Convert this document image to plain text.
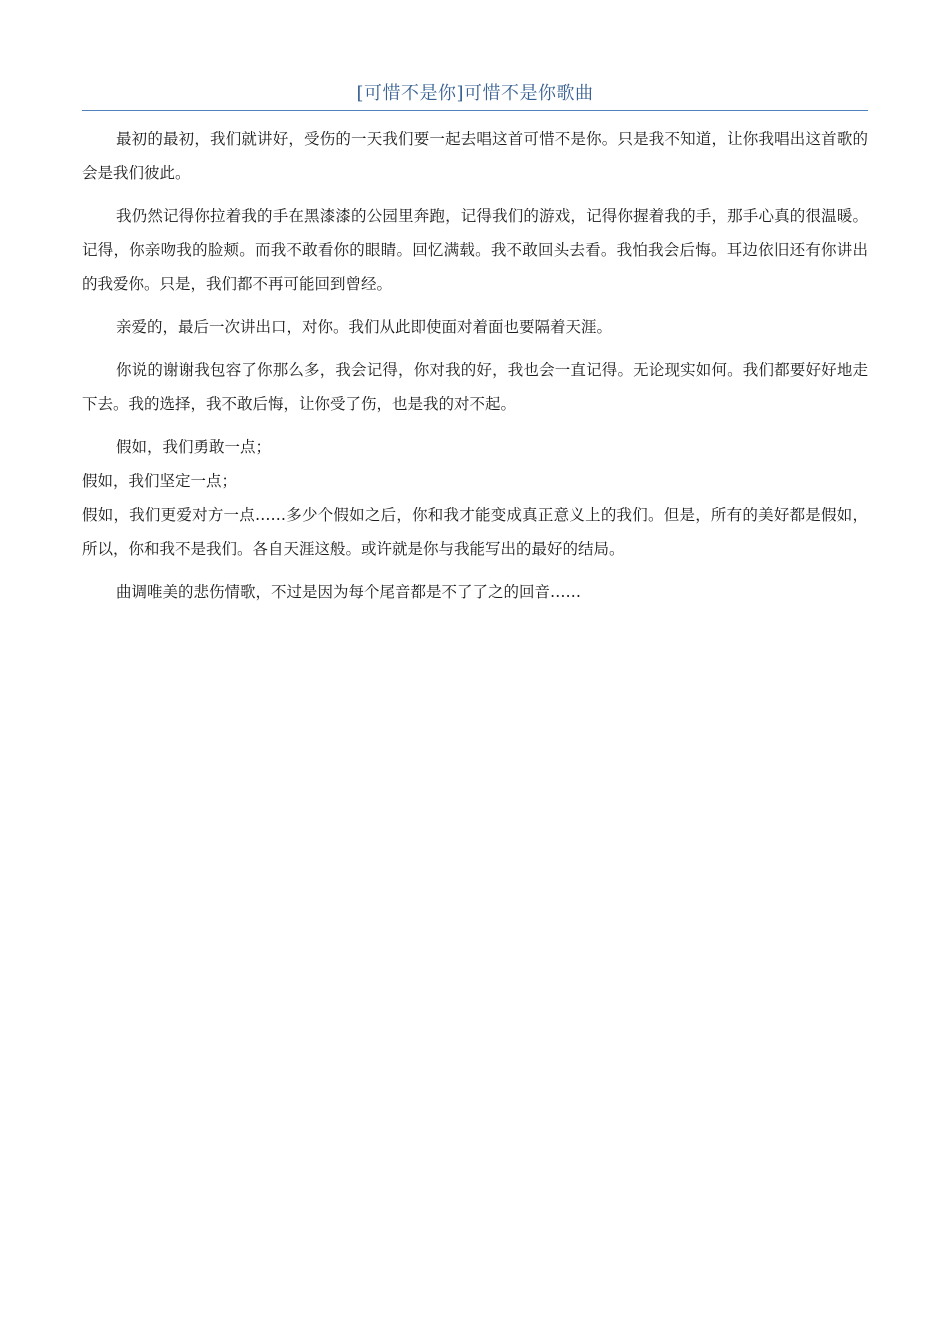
[可惜不是你]可惜不是你歌曲

最初的最初，我们就讲好，受伤的一天我们要一起去唱这首可惜不是你。只是我不知道，让你我唱出这首歌的会是我们彼此。

我仍然记得你拉着我的手在黑漆漆的公园里奔跑，记得我们的游戏，记得你握着我的手，那手心真的很温暖。记得，你亲吻我的脸颊。而我不敢看你的眼睛。回忆满载。我不敢回头去看。我怕我会后悔。耳边依旧还有你讲出的我爱你。只是，我们都不再可能回到曾经。

亲爱的，最后一次讲出口，对你。我们从此即使面对着面也要隔着天涯。

你说的谢谢我包容了你那么多，我会记得，你对我的好，我也会一直记得。无论现实如何。我们都要好好地走下去。我的选择，我不敢后悔，让你受了伤，也是我的对不起。

假如，我们勇敢一点；

假如，我们坚定一点；

假如，我们更爱对方一点……多少个假如之后，你和我才能变成真正意义上的我们。但是，所有的美好都是假如，所以，你和我不是我们。各自天涯这般。或许就是你与我能写出的最好的结局。

曲调唯美的悲伤情歌，不过是因为每个尾音都是不了了之的回音……
